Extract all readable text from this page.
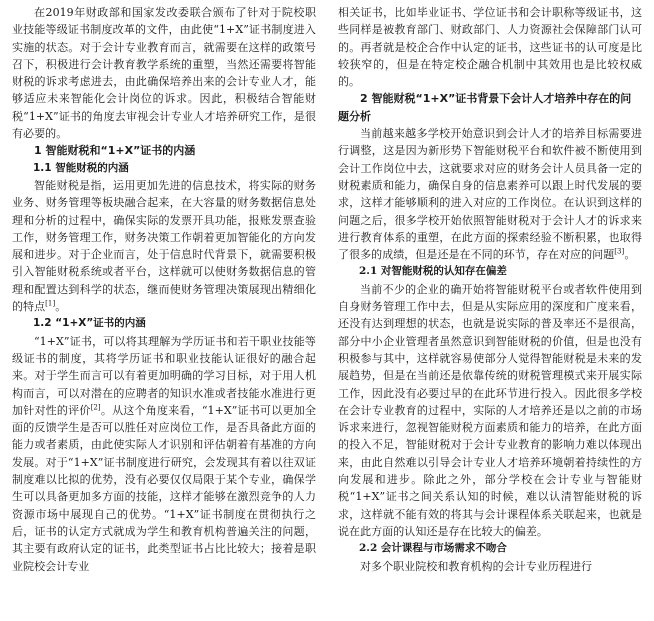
在2019年财政部和国家发改委联合颁布了针对于院校职业技能等级证书制度改革的文件，由此使“1+X”证书制度进入实施的状态。对于会计专业教育而言，就需要在这样的政策号召下，积极进行会计教育教学系统的重塑，当然还需要将智能财税的诉求考虑进去，由此确保培养出来的会计专业人才，能够适应未来智能化会计岗位的诉求。因此，积极结合智能财税“1+X”证书的角度去审视会计专业人才培养研究工作，是很有必要的。

1 智能财税和“1+X”证书的内涵
1.1 智能财税的内涵

智能财税是指，运用更加先进的信息技术，将实际的财务业务、财务管理等板块融合起来，在大容量的财务数据信息处理和分析的过程中，确保实际的发票开具功能，报账发票查验工作，财务管理工作，财务决策工作朝着更加智能化的方向发展和进步。对于企业而言，处于信息时代背景下，就需要积极引入智能财税系统或者平台，这样就可以使财务数据信息的管理和配置达到科学的状态，继而使财务管理决策展现出精细化的特点[1]。

1.2 “1+X”证书的内涵

“1+X”证书，可以将其理解为学历证书和若干职业技能等级证书的制度，其将学历证书和职业技能认证很好的融合起来。对于学生而言可以有着更加明确的学习目标，对于用人机构而言，可以对潜在的应聘者的知识水准或者技能水准进行更加针对性的评价[2]。从这个角度来看，“1+X”证书可以更加全面的反馈学生是否可以胜任对应岗位工作，是否具备此方面的能力或者素质，由此使实际人才识别和评估朝着有基准的方向发展。对于“1+X”证书制度进行研究，会发现其有着以往双证制度难以比拟的优势，没有必要仅仅局限于某个专业，确保学生可以具备更加多方面的技能，这样才能够在激烈竞争的人力资源市场中展现自己的优势。“1+X”证书制度在贯彻执行之后，证书的认定方式就成为学生和教育机构普遍关注的问题，其主要有政府认定的证书，此类型证书占比比较大；接着是职业院校会计专业

相关证书，比如毕业证书、学位证书和会计职称等级证书，这些同样是被教育部门、财政部门、人力资源社会保障部门认可的。再者就是校企合作中认定的证书，这些证书的认可度是比较狭窄的，但是在特定校企融合机制中其效用也是比较权威的。

2 智能财税“1+X”证书背景下会计人才培养中存在的问题分析

当前越来越多学校开始意识到会计人才的培养目标需要进行调整，这是因为新形势下智能财税平台和软件被不断使用到会计工作岗位中去，这就要求对应的财务会计人员具备一定的财税素质和能力，确保自身的信息素养可以跟上时代发展的要求，这样才能够顺利的进入对应的工作岗位。在认识到这样的问题之后，很多学校开始依照智能财税对于会计人才的诉求来进行教育体系的重塑，在此方面的探索经验不断积累，也取得了很多的成绩，但是还是在不同的环节，存在对应的问题[3]。

2.1 对智能财税的认知存在偏差

当前不少的企业的确开始将智能财税平台或者软件使用到自身财务管理工作中去，但是从实际应用的深度和广度来看，还没有达到理想的状态，也就是说实际的普及率还不是很高，部分中小企业管理者虽然意识到智能财税的价值，但是也没有积极参与其中，这样就容易使部分人觉得智能财税是未来的发展趋势，但是在当前还是依靠传统的财税管理模式来开展实际工作，因此没有必要过早的在此环节进行投入。因此很多学校在会计专业教育的过程中，实际的人才培养还是以之前的市场诉求来进行，忽视智能财税方面素质和能力的培养，在此方面的投入不足，智能财税对于会计专业教育的影响力难以体现出来，由此自然难以引导会计专业人才培养环境朝着持续性的方向发展和进步。除此之外，部分学校在会计专业与智能财税“1+X”证书之间关系认知的时候，难以认清智能财税的诉求，这样就不能有效的将其与会计课程体系关联起来，也就是说在此方面的认知还是存在比较大的偏差。

2.2 会计课程与市场需求不吻合

对多个职业院校和教育机构的会计专业历程进行
